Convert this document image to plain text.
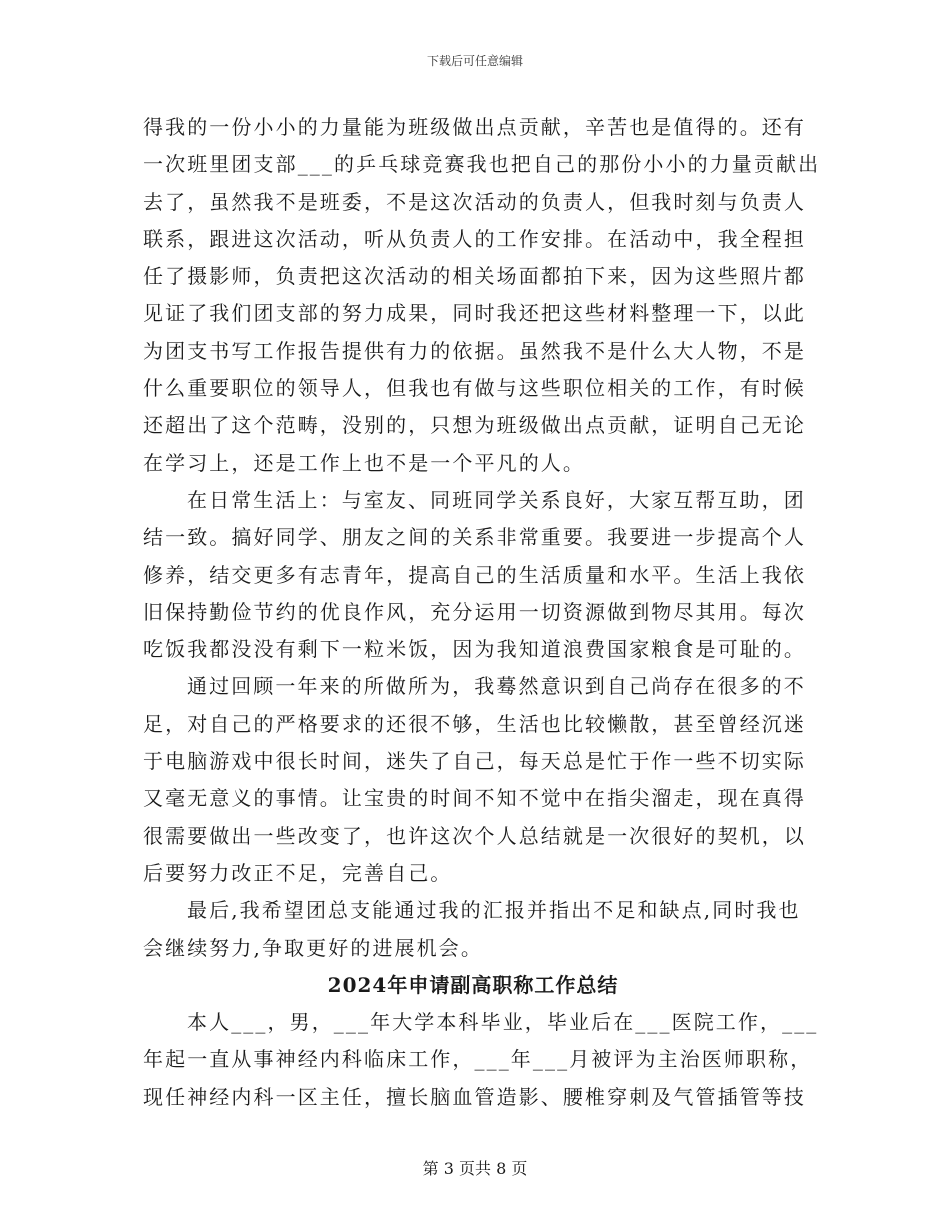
下载后可任意编辑
得我的一份小小的力量能为班级做出点贡献，辛苦也是值得的。还有
一次班里团支部___的乒乓球竞赛我也把自己的那份小小的力量贡献出
去了，虽然我不是班委，不是这次活动的负责人，但我时刻与负责人
联系，跟进这次活动，听从负责人的工作安排。在活动中，我全程担
任了摄影师，负责把这次活动的相关场面都拍下来，因为这些照片都
见证了我们团支部的努力成果，同时我还把这些材料整理一下，以此
为团支书写工作报告提供有力的依据。虽然我不是什么大人物，不是
什么重要职位的领导人，但我也有做与这些职位相关的工作，有时候
还超出了这个范畴，没别的，只想为班级做出点贡献，证明自己无论
在学习上，还是工作上也不是一个平凡的人。
在日常生活上：与室友、同班同学关系良好，大家互帮互助，团
结一致。搞好同学、朋友之间的关系非常重要。我要进一步提高个人
修养，结交更多有志青年，提高自己的生活质量和水平。生活上我依
旧保持勤俭节约的优良作风，充分运用一切资源做到物尽其用。每次
吃饭我都没没有剩下一粒米饭，因为我知道浪费国家粮食是可耻的。
通过回顾一年来的所做所为，我蓦然意识到自己尚存在很多的不
足，对自己的严格要求的还很不够，生活也比较懒散，甚至曾经沉迷
于电脑游戏中很长时间，迷失了自己，每天总是忙于作一些不切实际
又毫无意义的事情。让宝贵的时间不知不觉中在指尖溜走，现在真得
很需要做出一些改变了，也许这次个人总结就是一次很好的契机，以
后要努力改正不足，完善自己。
最后,我希望团总支能通过我的汇报并指出不足和缺点,同时我也
会继续努力,争取更好的进展机会。
2024年申请副高职称工作总结
本人___，男，___年大学本科毕业，毕业后在___医院工作，___
年起一直从事神经内科临床工作，___年___月被评为主治医师职称，
现任神经内科一区主任，擅长脑血管造影、腰椎穿刺及气管插管等技
第 3 页共 8 页
